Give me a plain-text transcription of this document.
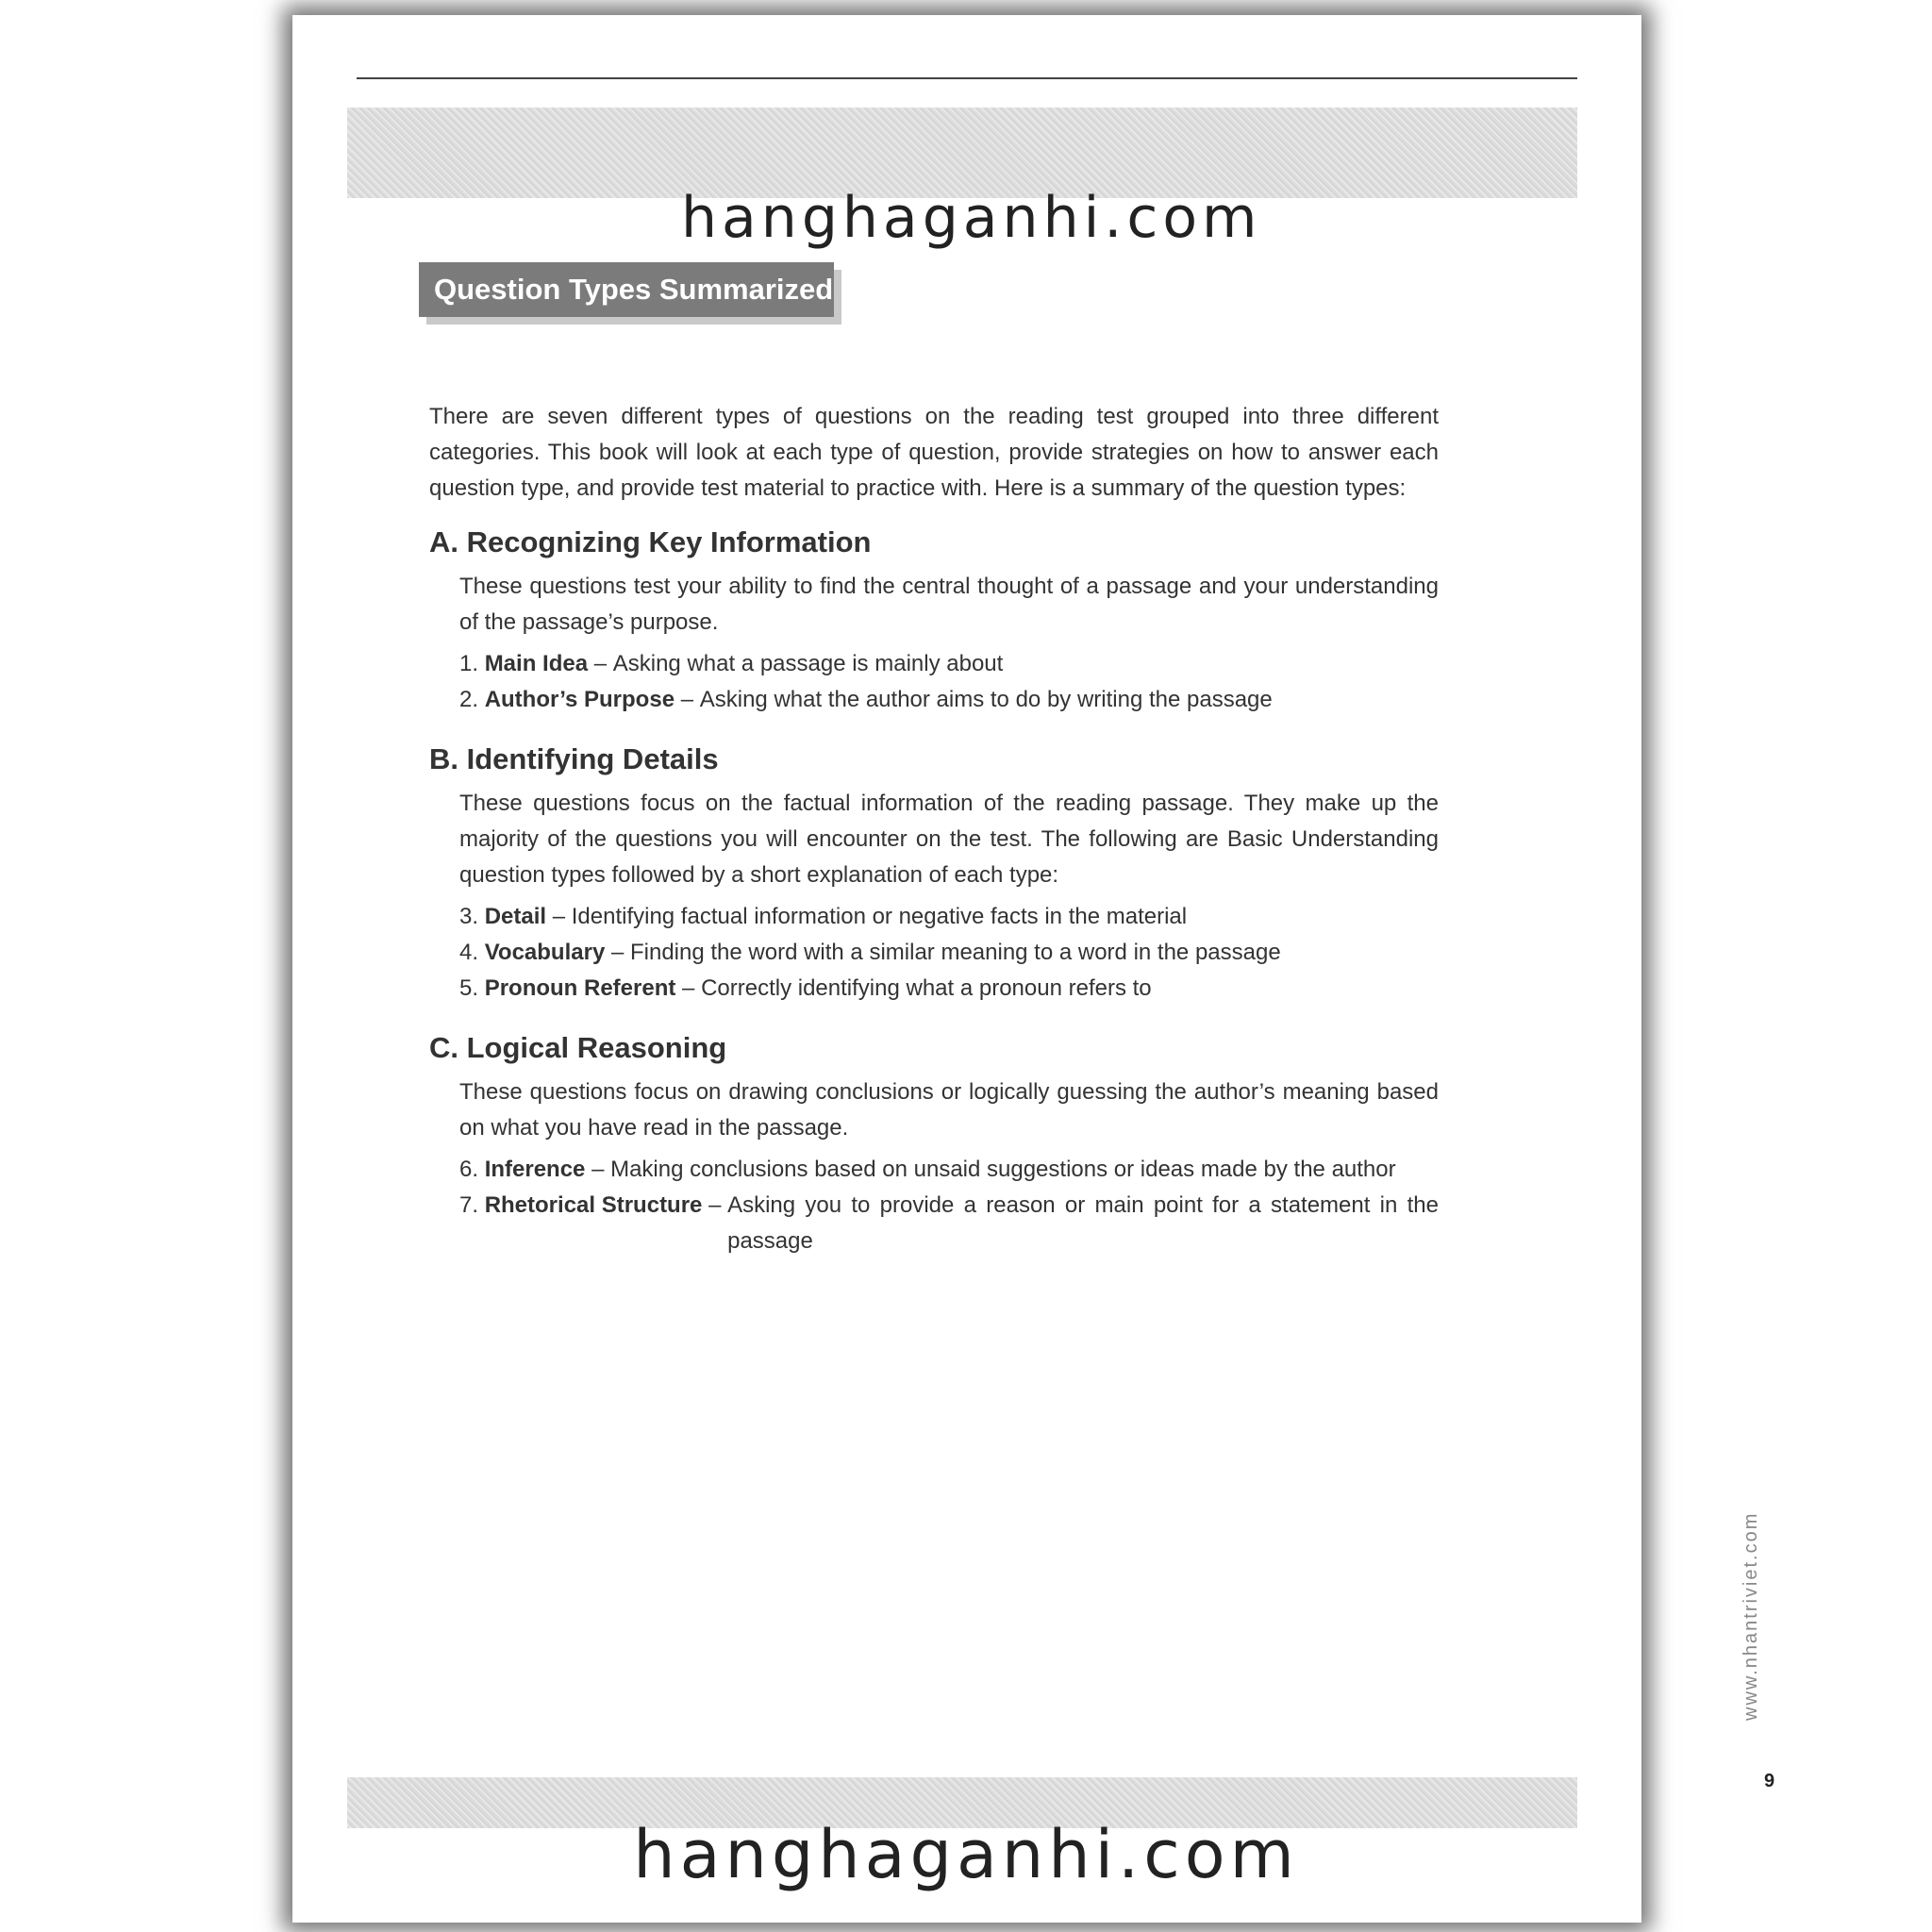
Question Types Summarized

There are seven different types of questions on the reading test grouped into three different categories. This book will look at each type of question, provide strategies on how to answer each question type, and provide test material to practice with. Here is a summary of the question types:

A. Recognizing Key Information

These questions test your ability to find the central thought of a passage and your understanding of the passage’s purpose.

1. Main Idea – Asking what a passage is mainly about
2. Author’s Purpose – Asking what the author aims to do by writing the passage
B. Identifying Details

These questions focus on the factual information of the reading passage. They make up the majority of the questions you will encounter on the test. The following are Basic Understanding question types followed by a short explanation of each type:

3. Detail – Identifying factual information or negative facts in the material
4. Vocabulary – Finding the word with a similar meaning to a word in the passage
5. Pronoun Referent – Correctly identifying what a pronoun refers to
C. Logical Reasoning

These questions focus on drawing conclusions or logically guessing the author’s meaning based on what you have read in the passage.

6. Inference – Making conclusions based on unsaid suggestions or ideas made by the author
7. Rhetorical Structure – Asking you to provide a reason or main point for a statement in the passage
www.nhantriviet.com
9
hanghaganhi.com
hanghaganhi.com
